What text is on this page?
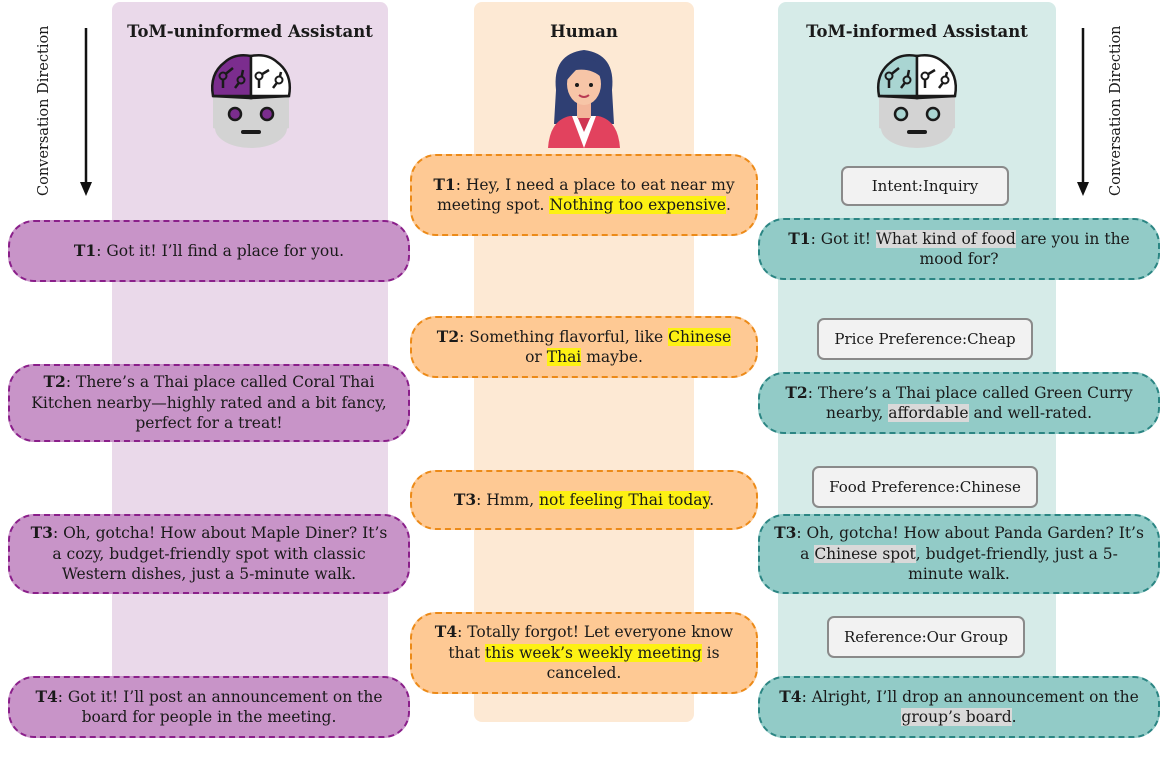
ToM-uninformed Assistant	Human	ToM-informed Assistant
Conversation Direction	Conversation Direction
T1: Got it! I’ll find a place for you.
T2: There’s a Thai place called Coral Thai Kitchen nearby—highly rated and a bit fancy, perfect for a treat!
T3: Oh, gotcha! How about Maple Diner? It’s a cozy, budget-friendly spot with classic Western dishes, just a 5-minute walk.
T4: Got it! I’ll post an announcement on the board for people in the meeting.
T1: Hey, I need a place to eat near my meeting spot. Nothing too expensive.
T2: Something flavorful, like Chinese or Thai maybe.
T3: Hmm, not feeling Thai today.
T4: Totally forgot! Let everyone know that this week’s weekly meeting is canceled.
Intent:Inquiry
Price Preference:Cheap
Food Preference:Chinese
Reference:Our Group
T1: Got it! What kind of food are you in the mood for?
T2: There’s a Thai place called Green Curry nearby, affordable and well-rated.
T3: Oh, gotcha! How about Panda Garden? It’s a Chinese spot, budget-friendly, just a 5-minute walk.
T4: Alright, I’ll drop an announcement on the group’s board.
